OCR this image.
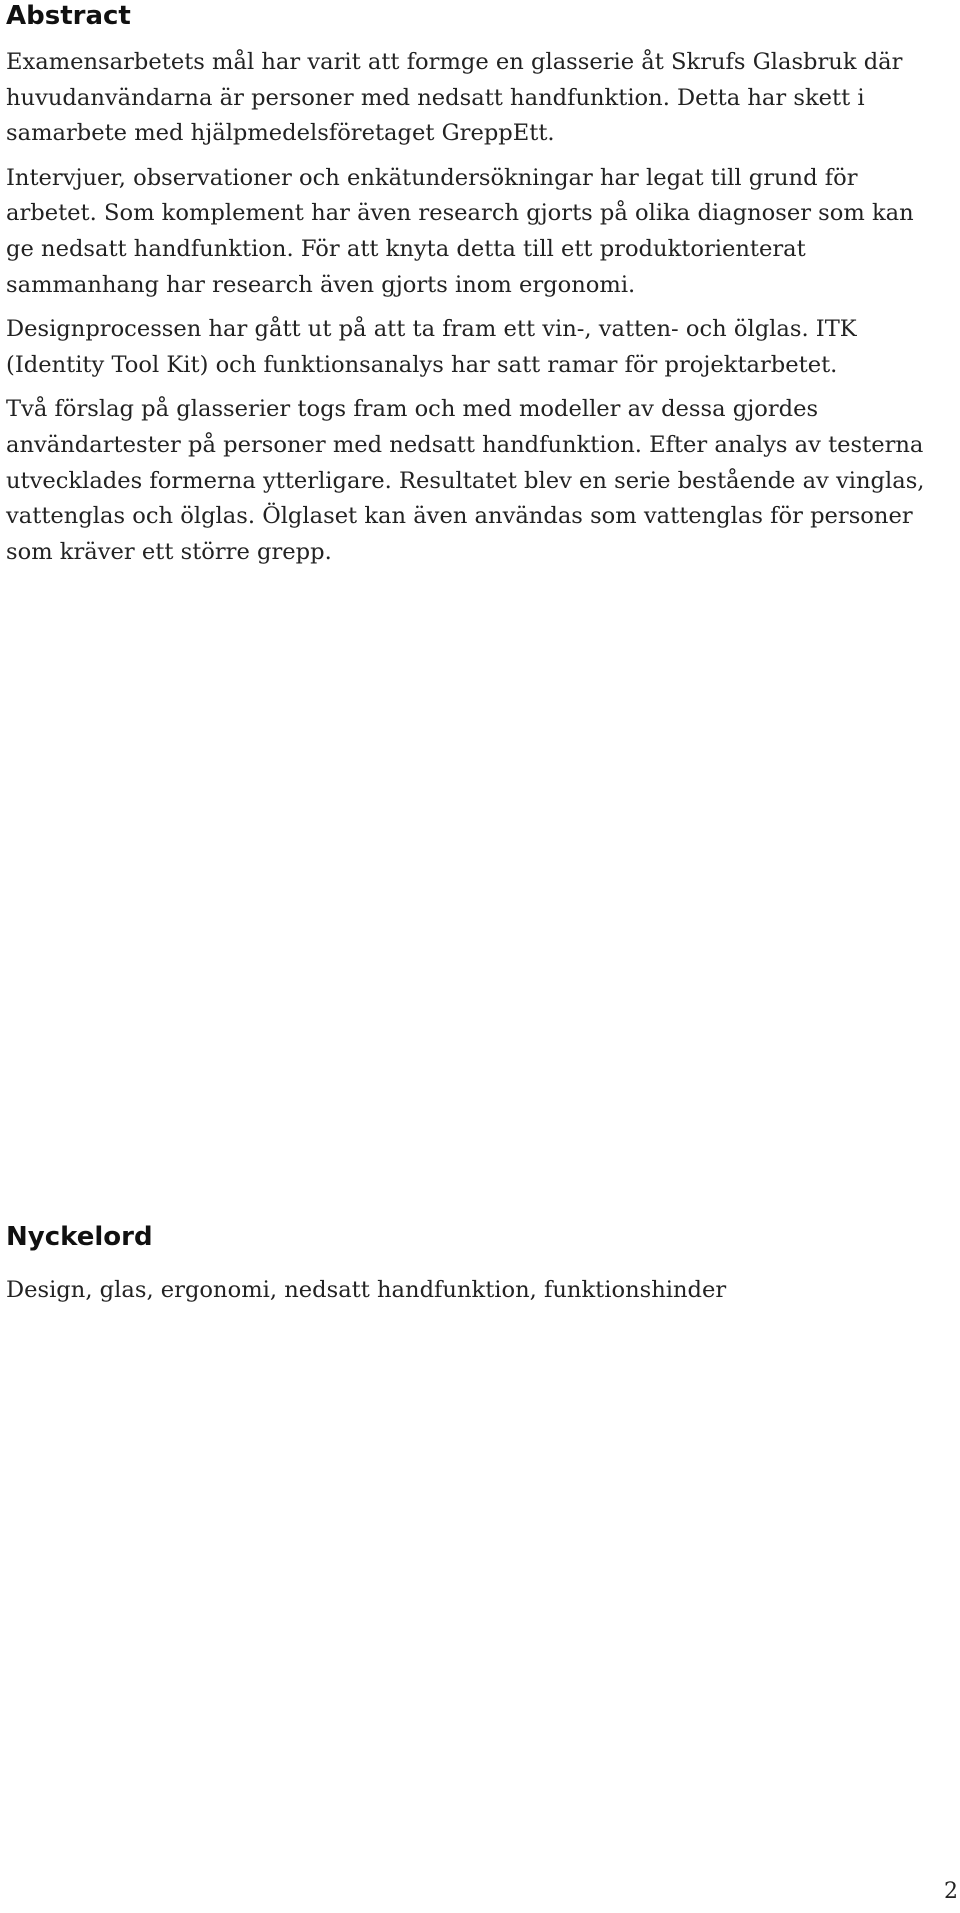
Abstract

Examensarbetets mål har varit att formge en glasserie åt Skrufs Glasbruk där huvudanvändarna är personer med nedsatt handfunktion. Detta har skett i samarbete med hjälpmedelsföretaget GreppEtt.

Intervjuer, observationer och enkätundersökningar har legat till grund för arbetet. Som komplement har även research gjorts på olika diagnoser som kan ge nedsatt handfunktion. För att knyta detta till ett produktorienterat sammanhang har research även gjorts inom ergonomi.

Designprocessen har gått ut på att ta fram ett vin-, vatten- och ölglas. ITK (Identity Tool Kit) och funktionsanalys har satt ramar för projektarbetet.

Två förslag på glasserier togs fram och med modeller av dessa gjordes användartester på personer med nedsatt handfunktion. Efter analys av testerna utvecklades formerna ytterligare. Resultatet blev en serie bestående av vinglas, vattenglas och ölglas. Ölglaset kan även användas som vattenglas för personer som kräver ett större grepp.

Nyckelord

Design, glas, ergonomi, nedsatt handfunktion, funktionshinder

2
